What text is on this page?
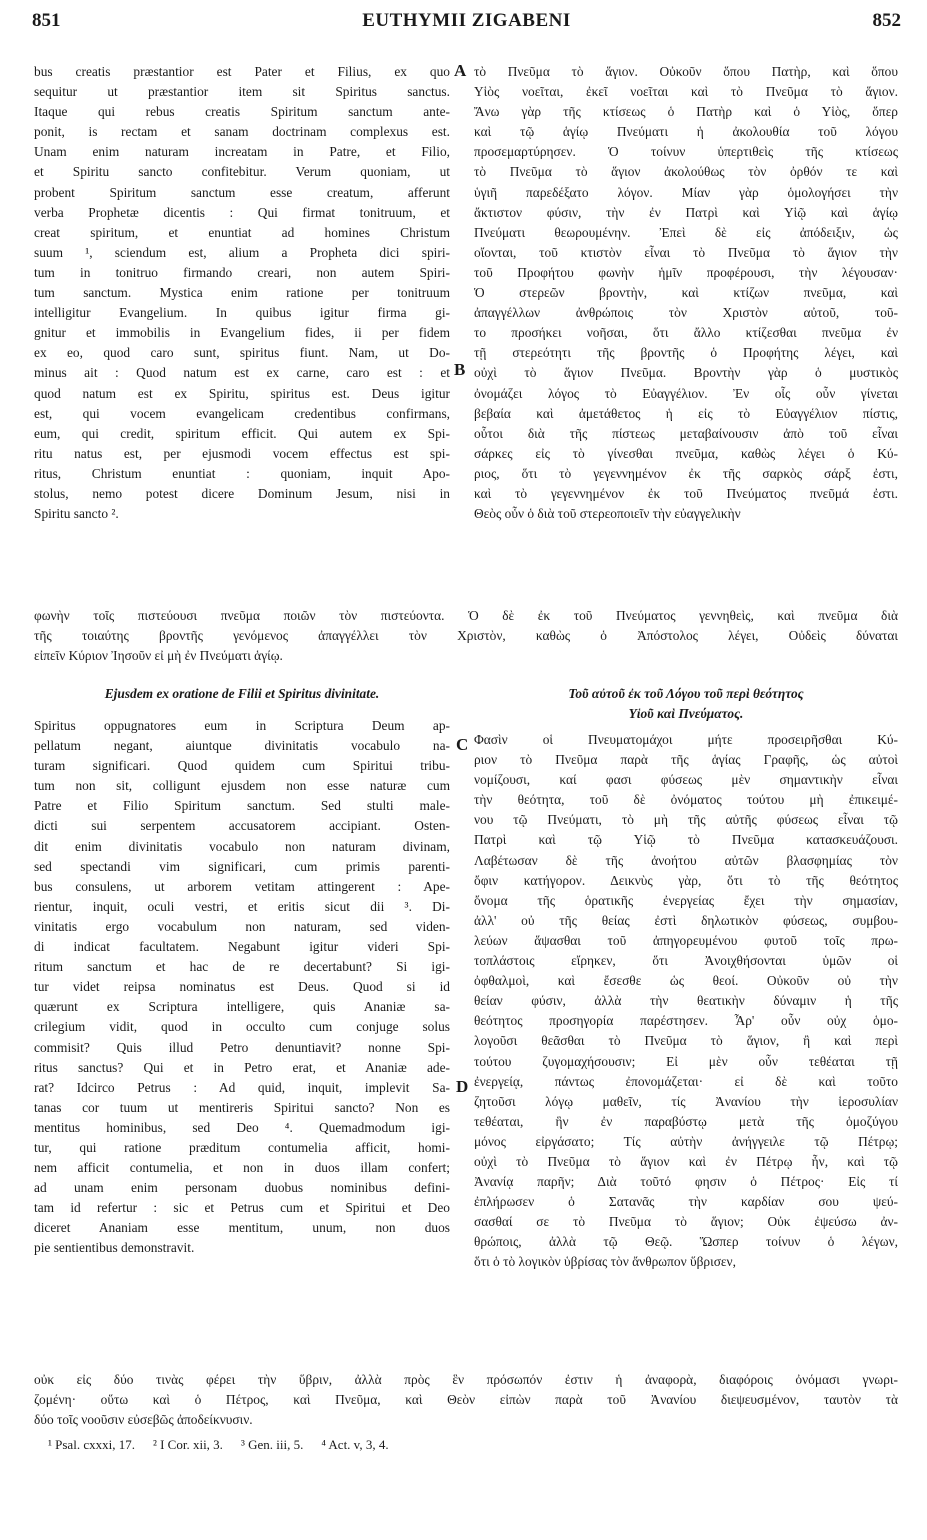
851	EUTHYMII ZIGABENI	852
A
B
C
D
bus creatis præstantior est Pater et Filius, ex quo
sequitur ut præstantior item sit Spiritus sanctus.
Itaque qui rebus creatis Spiritum sanctum ante-
ponit, is rectam et sanam doctrinam complexus est.
Unam enim naturam increatam in Patre, et Filio,
et Spiritu sancto confitebitur. Verum quoniam, ut
probent Spiritum sanctum esse creatum, afferunt
verba Prophetæ dicentis : Qui firmat tonitruum, et
creat spiritum, et enuntiat ad homines Christum
suum ¹, sciendum est, alium a Propheta dici spiri-
tum in tonitruo firmando creari, non autem Spiri-
tum sanctum. Mystica enim ratione per tonitruum
intelligitur Evangelium. In quibus igitur firma gi-
gnitur et immobilis in Evangelium fides, ii per fidem
ex eo, quod caro sunt, spiritus fiunt. Nam, ut Do-
minus ait : Quod natum est ex carne, caro est : et
quod natum est ex Spiritu, spiritus est. Deus igitur
est, qui vocem evangelicam credentibus confirmans,
eum, qui credit, spiritum efficit. Qui autem ex Spi-
ritu natus est, per ejusmodi vocem effectus est spi-
ritus, Christum enuntiat : quoniam, inquit Apo-
stolus, nemo potest dicere Dominum Jesum, nisi in
Spiritu sancto ².
τὸ Πνεῦμα τὸ ἅγιον. Οὐκοῦν ὅπου Πατὴρ, καὶ ὅπου
Υἱὸς νοεῖται, ἐκεῖ νοεῖται καὶ τὸ Πνεῦμα τὸ ἅγιον.
Ἄνω γὰρ τῆς κτίσεως ὁ Πατὴρ καὶ ὁ Υἱὸς, ὅπερ
καὶ τῷ ἁγίῳ Πνεύματι ἡ ἀκολουθία τοῦ λόγου
προσεμαρτύρησεν. Ὁ τοίνυν ὑπερτιθεὶς τῆς κτίσεως
τὸ Πνεῦμα τὸ ἅγιον ἀκολούθως τὸν ὀρθόν τε καὶ
ὑγιῆ παρεδέξατο λόγον. Μίαν γὰρ ὁμολογήσει τὴν
ἄκτιστον φύσιν, τὴν ἐν Πατρὶ καὶ Υἱῷ καὶ ἁγίῳ
Πνεύματι θεωρουμένην. Ἐπεὶ δὲ εἰς ἀπόδειξιν, ὡς
οἴονται, τοῦ κτιστὸν εἶναι τὸ Πνεῦμα τὸ ἅγιον τὴν
τοῦ Προφήτου φωνὴν ἡμῖν προφέρουσι, τὴν λέγουσαν·
Ὁ στερεῶν βροντὴν, καὶ κτίζων πνεῦμα, καὶ
ἀπαγγέλλων ἀνθρώποις τὸν Χριστὸν αὐτοῦ, τοῦ-
το προσήκει νοῆσαι, ὅτι ἄλλο κτίζεσθαι πνεῦμα ἐν
τῇ στερεότητι τῆς βροντῆς ὁ Προφήτης λέγει, καὶ
οὐχὶ τὸ ἅγιον Πνεῦμα. Βροντὴν γὰρ ὁ μυστικὸς
ὀνομάζει λόγος τὸ Εὐαγγέλιον. Ἐν οἷς οὖν γίνεται
βεβαία καὶ ἀμετάθετος ἡ εἰς τὸ Εὐαγγέλιον πίστις,
οὗτοι διὰ τῆς πίστεως μεταβαίνουσιν ἀπὸ τοῦ εἶναι
σάρκες εἰς τὸ γίνεσθαι πνεῦμα, καθὼς λέγει ὁ Κύ-
ριος, ὅτι τὸ γεγεννημένον ἐκ τῆς σαρκὸς σάρξ ἐστι,
καὶ τὸ γεγεννημένον ἐκ τοῦ Πνεύματος πνεῦμά ἐστι.
Θεὸς οὖν ὁ διὰ τοῦ στερεοποιεῖν τὴν εὐαγγελικὴν
φωνὴν τοῖς πιστεύουσι πνεῦμα ποιῶν τὸν πιστεύοντα. Ὁ δὲ ἐκ τοῦ Πνεύματος γεννηθεὶς, καὶ πνεῦμα διὰ
τῆς τοιαύτης βροντῆς γενόμενος ἀπαγγέλλει τὸν Χριστὸν, καθὼς ὁ Ἀπόστολος λέγει, Οὐδεὶς δύναται
εἰπεῖν Κύριον Ἰησοῦν εἰ μὴ ἐν Πνεύματι ἁγίῳ.
Ejusdem ex oratione de Filii et Spiritus divinitate.	Τοῦ αὐτοῦ ἐκ τοῦ Λόγου τοῦ περὶ θεότητος
Υἱοῦ καὶ Πνεύματος.
Spiritus oppugnatores eum in Scriptura Deum ap-
pellatum negant, aiuntque divinitatis vocabulo na-
turam significari. Quod quidem cum Spiritui tribu-
tum non sit, colligunt ejusdem non esse naturæ cum
Patre et Filio Spiritum sanctum. Sed stulti male-
dicti sui serpentem accusatorem accipiant. Osten-
dit enim divinitatis vocabulo non naturam divinam,
sed spectandi vim significari, cum primis parenti-
bus consulens, ut arborem vetitam attingerent : Ape-
rientur, inquit, oculi vestri, et eritis sicut dii ³. Di-
vinitatis ergo vocabulum non naturam, sed viden-
di indicat facultatem. Negabunt igitur videri Spi-
ritum sanctum et hac de re decertabunt? Si igi-
tur videt reipsa nominatus est Deus. Quod si id
quærunt ex Scriptura intelligere, quis Ananiæ sa-
crilegium vidit, quod in occulto cum conjuge solus
commisit? Quis illud Petro denuntiavit? nonne Spi-
ritus sanctus? Qui et in Petro erat, et Ananiæ ade-
rat? Idcirco Petrus : Ad quid, inquit, implevit Sa-
tanas cor tuum ut mentireris Spiritui sancto? Non es
mentitus hominibus, sed Deo ⁴. Quemadmodum igi-
tur, qui ratione præditum contumelia afficit, homi-
nem afficit contumelia, et non in duos illam confert;
ad unam enim personam duobus nominibus defini-
tam id refertur : sic et Petrus cum et Spiritui et Deo
diceret Ananiam esse mentitum, unum, non duos
pie sentientibus demonstravit.
Φασὶν οἱ Πνευματομάχοι μήτε προσειρῆσθαι Κύ-
ριον τὸ Πνεῦμα παρὰ τῆς ἁγίας Γραφῆς, ὡς αὐτοὶ
νομίζουσι, καί φασι φύσεως μὲν σημαντικὴν εἶναι
τὴν θεότητα, τοῦ δὲ ὀνόματος τούτου μὴ ἐπικειμέ-
νου τῷ Πνεύματι, τὸ μὴ τῆς αὐτῆς φύσεως εἶναι τῷ
Πατρὶ καὶ τῷ Υἱῷ τὸ Πνεῦμα κατασκευάζουσι.
Λαβέτωσαν δὲ τῆς ἀνοήτου αὐτῶν βλασφημίας τὸν
ὄφιν κατήγορον. Δεικνὺς γὰρ, ὅτι τὸ τῆς θεότητος
ὄνομα τῆς ὁρατικῆς ἐνεργείας ἔχει τὴν σημασίαν,
ἀλλ' οὐ τῆς θείας ἐστὶ δηλωτικὸν φύσεως, συμβου-
λεύων ἅψασθαι τοῦ ἀπηγορευμένου φυτοῦ τοῖς πρω-
τοπλάστοις εἴρηκεν, ὅτι Ἀνοιχθήσονται ὑμῶν οἱ
ὀφθαλμοὶ, καὶ ἔσεσθε ὡς θεοί. Οὐκοῦν οὐ τὴν
θείαν φύσιν, ἀλλὰ τὴν θεατικὴν δύναμιν ἡ τῆς
θεότητος προσηγορία παρέστησεν. Ἆρ' οὖν οὐχ ὁμο-
λογοῦσι θεᾶσθαι τὸ Πνεῦμα τὸ ἅγιον, ἢ καὶ περὶ
τούτου ζυγομαχήσουσιν; Εἰ μὲν οὖν τεθέαται τῇ
ἐνεργείᾳ, πάντως ἐπονομάζεται· εἰ δὲ καὶ τοῦτο
ζητοῦσι λόγῳ μαθεῖν, τίς Ἀνανίου τὴν ἱεροσυλίαν
τεθέαται, ἣν ἐν παραβύστῳ μετὰ τῆς ὁμοζύγου
μόνος εἰργάσατο; Τίς αὐτὴν ἀνήγγειλε τῷ Πέτρῳ;
οὐχὶ τὸ Πνεῦμα τὸ ἅγιον καὶ ἐν Πέτρῳ ἦν, καὶ τῷ
Ἀνανίᾳ παρῆν; Διὰ τοῦτό φησιν ὁ Πέτρος· Εἰς τί
ἐπλήρωσεν ὁ Σατανᾶς τὴν καρδίαν σου ψεύ-
σασθαί σε τὸ Πνεῦμα τὸ ἅγιον; Οὐκ ἐψεύσω ἀν-
θρώποις, ἀλλὰ τῷ Θεῷ. Ὥσπερ τοίνυν ὁ λέγων,
ὅτι ὁ τὸ λογικὸν ὑβρίσας τὸν ἄνθρωπον ὕβρισεν,
οὐκ εἰς δύο τινὰς φέρει τὴν ὕβριν, ἀλλὰ πρὸς ἓν πρόσωπόν ἐστιν ἡ ἀναφορὰ, διαφόροις ὀνόμασι γνωρι-
ζομένη· οὕτω καὶ ὁ Πέτρος, καὶ Πνεῦμα, καὶ Θεὸν εἰπὼν παρὰ τοῦ Ἀνανίου διεψευσμένον, ταυτὸν τὰ
δύο τοῖς νοοῦσιν εὐσεβῶς ἀποδείκνυσιν.
¹ Psal. cxxxi, 17. ² I Cor. xii, 3. ³ Gen. iii, 5. ⁴ Act. v, 3, 4.
